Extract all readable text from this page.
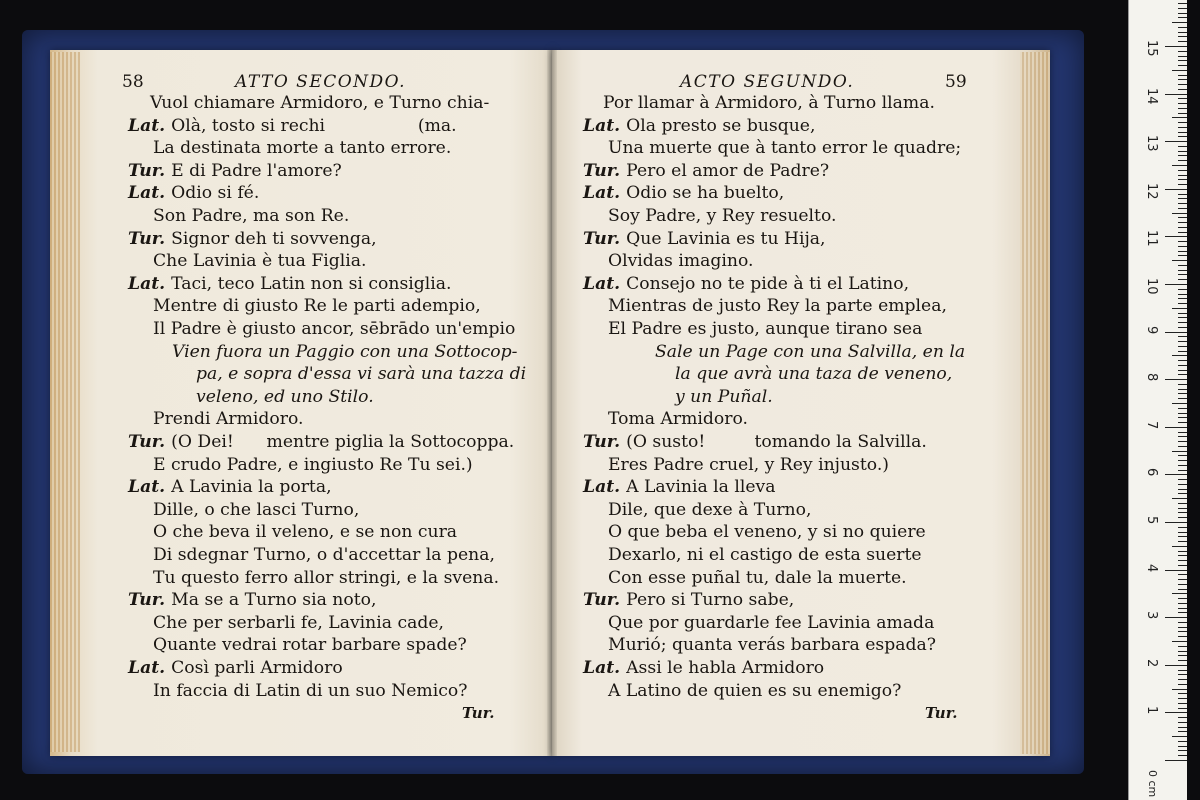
58	ATTO SECONDO.
Vuol chiamare Armidoro, e Turno chia-
Lat. Olà, tosto si rechi                 (ma.
La destinata morte a tanto errore.
Tur. E di Padre l'amore?
Lat. Odio si fé.
Son Padre, ma son Re.
Tur. Signor deh ti sovvenga,
Che Lavinia è tua Figlia.
Lat. Taci, teco Latin non si consiglia.
Mentre di giusto Re le parti adempio,
Il Padre è giusto ancor, sēbrādo un'empio
Vien fuora un Paggio con una Sottocop-
pa, e sopra d'essa vi sarà una tazza di
veleno, ed uno Stilo.
Prendi Armidoro.
Tur. (O Dei!      mentre piglia la Sottocoppa.
E crudo Padre, e ingiusto Re Tu sei.)
Lat. A Lavinia la porta,
Dille, o che lasci Turno,
O che beva il veleno, e se non cura
Di sdegnar Turno, o d'accettar la pena,
Tu questo ferro allor stringi, e la svena.
Tur. Ma se a Turno sia noto,
Che per serbarli fe, Lavinia cade,
Quante vedrai rotar barbare spade?
Lat. Così parli Armidoro
In faccia di Latin di un suo Nemico?
Tur.
ACTO SEGUNDO.	59
Por llamar à Armidoro, à Turno llama.
Lat. Ola presto se busque,
Una muerte que à tanto error le quadre;
Tur. Pero el amor de Padre?
Lat. Odio se ha buelto,
Soy Padre, y Rey resuelto.
Tur. Que Lavinia es tu Hija,
Olvidas imagino.
Lat. Consejo no te pide à ti el Latino,
Mientras de justo Rey la parte emplea,
El Padre es justo, aunque tirano sea
Sale un Page con una Salvilla, en la
la que avrà una taza de veneno,
y un Puñal.
Toma Armidoro.
Tur. (O susto!         tomando la Salvilla.
Eres Padre cruel, y Rey injusto.)
Lat. A Lavinia la lleva
Dile, que dexe à Turno,
O que beba el veneno, y si no quiere
Dexarlo, ni el castigo de esta suerte
Con esse puñal tu, dale la muerte.
Tur. Pero si Turno sabe,
Que por guardarle fee Lavinia amada
Murió; quanta verás barbara espada?
Lat. Assi le habla Armidoro
A Latino de quien es su enemigo?
Tur.	1
2
3
4
5
6
7
8
9
10
11
12
13
14
15
0 cm
